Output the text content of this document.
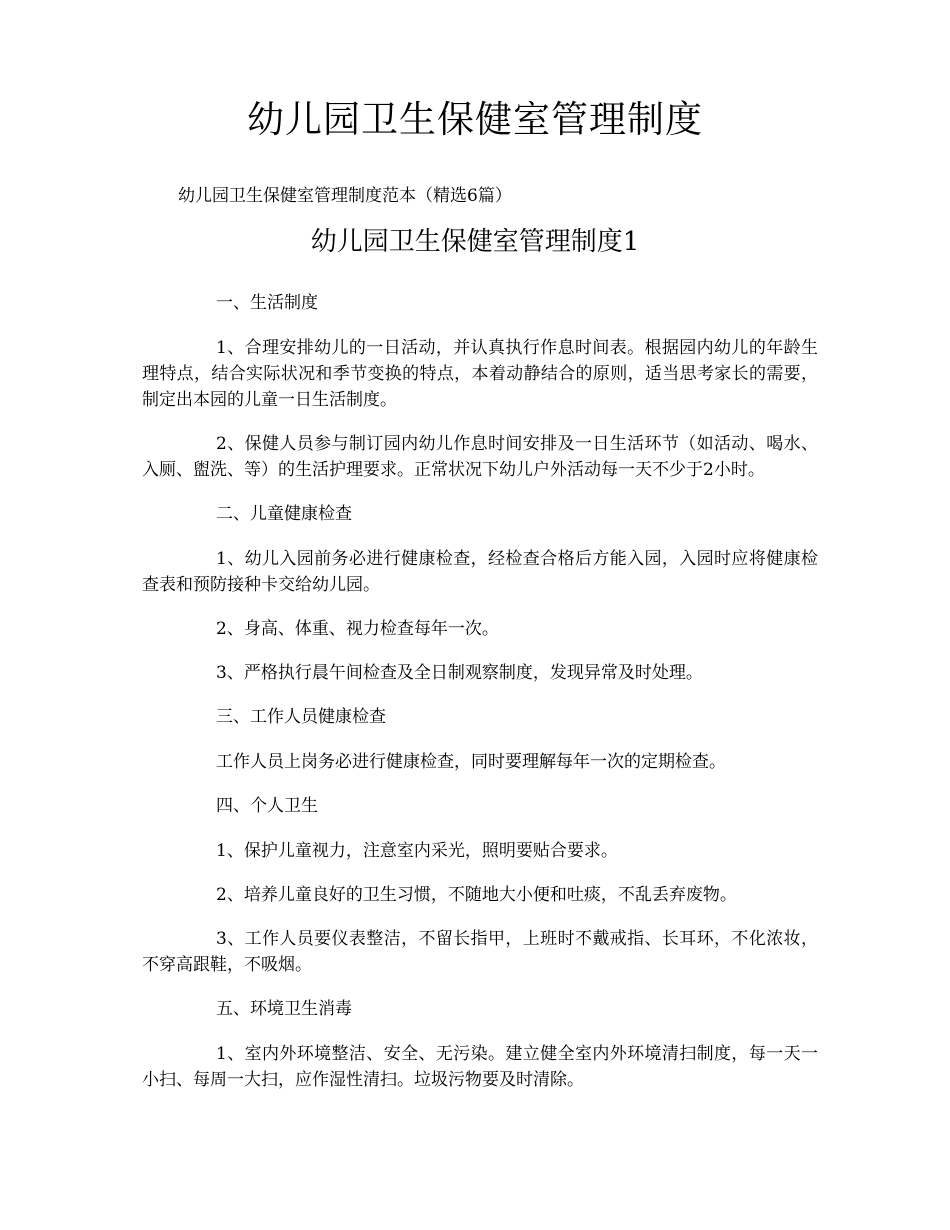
幼儿园卫生保健室管理制度

幼儿园卫生保健室管理制度范本（精选6篇）

幼儿园卫生保健室管理制度1

一、生活制度

1、合理安排幼儿的一日活动，并认真执行作息时间表。根据园内幼儿的年龄生理特点，结合实际状况和季节变换的特点，本着动静结合的原则，适当思考家长的需要，制定出本园的儿童一日生活制度。

2、保健人员参与制订园内幼儿作息时间安排及一日生活环节（如活动、喝水、入厕、盥洗、等）的生活护理要求。正常状况下幼儿户外活动每一天不少于2小时。

二、儿童健康检查

1、幼儿入园前务必进行健康检查，经检查合格后方能入园，入园时应将健康检查表和预防接种卡交给幼儿园。

2、身高、体重、视力检查每年一次。

3、严格执行晨午间检查及全日制观察制度，发现异常及时处理。

三、工作人员健康检查

工作人员上岗务必进行健康检查，同时要理解每年一次的定期检查。

四、个人卫生

1、保护儿童视力，注意室内采光，照明要贴合要求。

2、培养儿童良好的卫生习惯，不随地大小便和吐痰，不乱丢弃废物。

3、工作人员要仪表整洁，不留长指甲，上班时不戴戒指、长耳环，不化浓妆，不穿高跟鞋，不吸烟。

五、环境卫生消毒

1、室内外环境整洁、安全、无污染。建立健全室内外环境清扫制度，每一天一小扫、每周一大扫，应作湿性清扫。垃圾污物要及时清除。
